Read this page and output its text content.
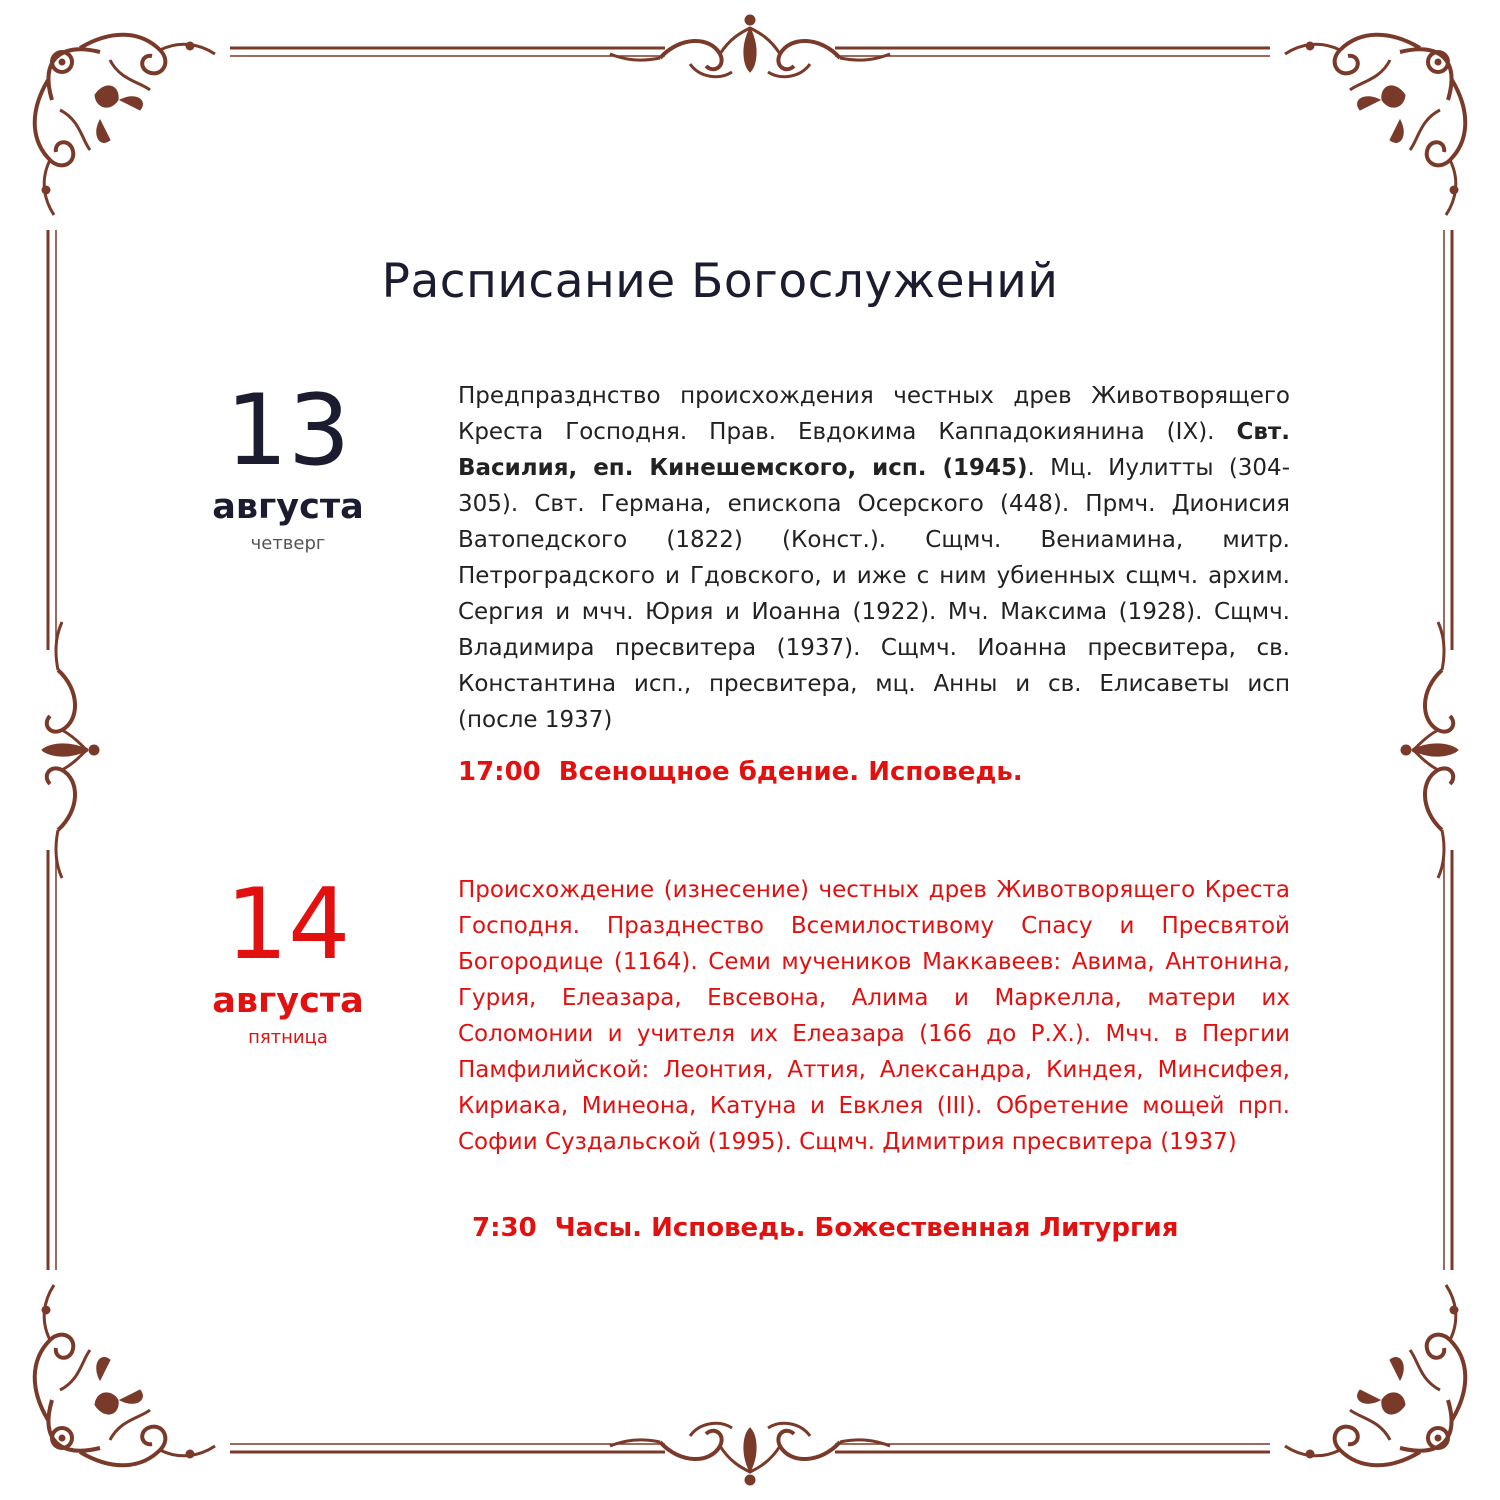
Расписание Богослужений
13
августа
четверг
Предпразднство происхождения честных древ Животворящего Креста Господня. Прав. Евдокима Каппадокиянина (IX). Свт. Василия, еп. Кинешемского, исп. (1945). Мц. Иулитты (304-305). Свт. Германа, епископа Осерского (448). Прмч. Дионисия Ватопедского (1822) (Конст.). Сщмч. Вениамина, митр. Петроградского и Гдовского, и иже с ним убиенных сщмч. архим. Сергия и мчч. Юрия и Иоанна (1922). Мч. Максима (1928). Сщмч. Владимира пресвитера (1937). Сщмч. Иоанна пресвитера, св. Константина исп., пресвитера, мц. Анны и св. Елисаветы исп (после 1937)
17:00 Всенощное бдение. Исповедь.
14
августа
пятница
Происхождение (изнесение) честных древ Животворящего Креста Господня. Празднество Всемилостивому Спасу и Пресвятой Богородице (1164). Семи мучеников Маккавеев: Авима, Антонина, Гурия, Елеазара, Евсевона, Алима и Маркелла, матери их Соломонии и учителя их Елеазара (166 до Р.Х.). Мчч. в Пергии Памфилийской: Леонтия, Аттия, Александра, Киндея, Минсифея, Кириака, Минеона, Катуна и Евклея (III). Обретение мощей прп. Софии Суздальской (1995). Сщмч. Димитрия пресвитера (1937)
7:30 Часы. Исповедь. Божественная Литургия
